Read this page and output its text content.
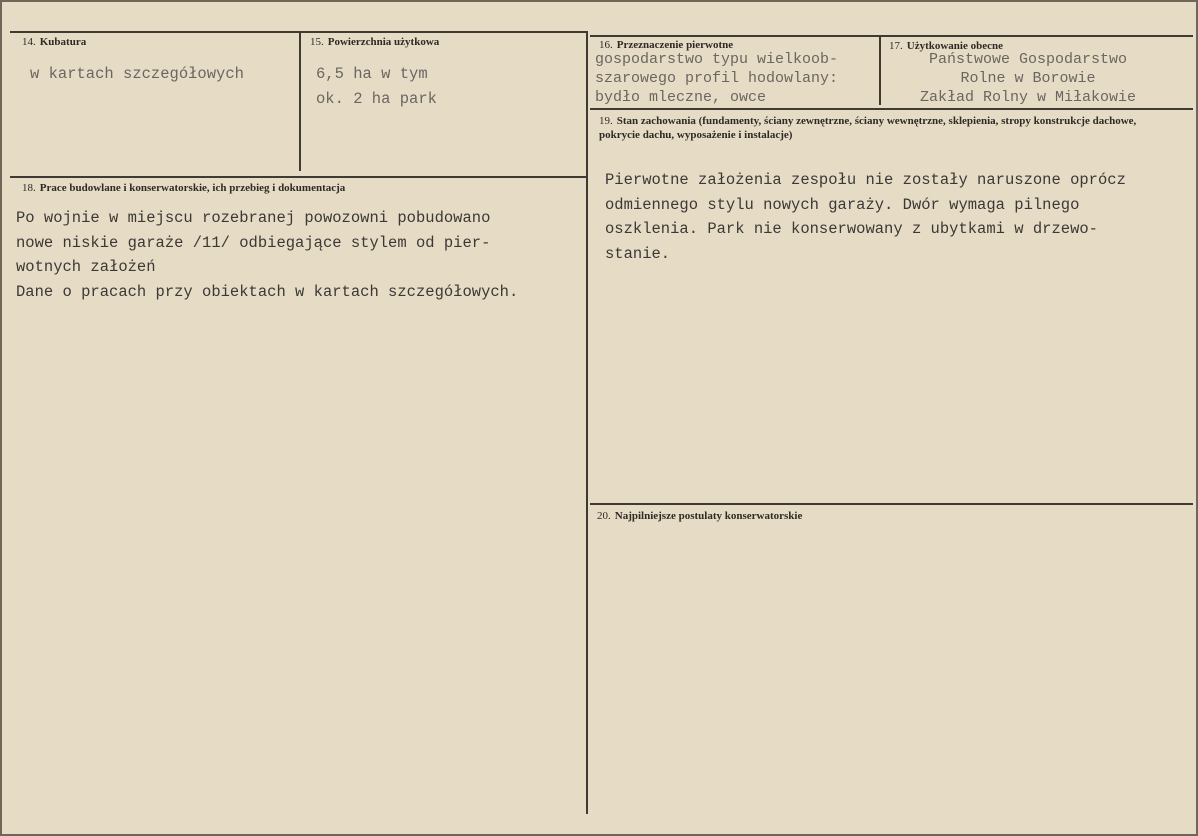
14. Kubatura
w kartach szczegółowych
15. Powierzchnia użytkowa
6,5 ha w tym
ok. 2 ha park
16. Przeznaczenie pierwotne
gospodarstwo typu wielkoob-
szarowego profil hodowlany:
bydło mleczne, owce
17. Użytkowanie obecne
Państwowe Gospodarstwo
Rolne w Borowie
Zakład Rolny w Miłakowie
18. Prace budowlane i konserwatorskie, ich przebieg i dokumentacja
Po wojnie w miejscu rozebranej powozowni pobudowano
nowe niskie garaże /11/ odbiegające stylem od pier-
wotnych założeń
Dane o pracach przy obiektach w kartach szczegółowych.
19. Stan zachowania (fundamenty, ściany zewnętrzne, ściany wewnętrzne, sklepienia, stropy konstrukcje dachowe, pokrycie dachu, wyposażenie i instalacje)
Pierwotne założenia zespołu nie zostały naruszone oprócz
odmiennego stylu nowych garaży. Dwór wymaga pilnego
oszklenia. Park nie konserwowany z ubytkami w drzewo-
stanie.
20. Najpilniejsze postulaty konserwatorskie
